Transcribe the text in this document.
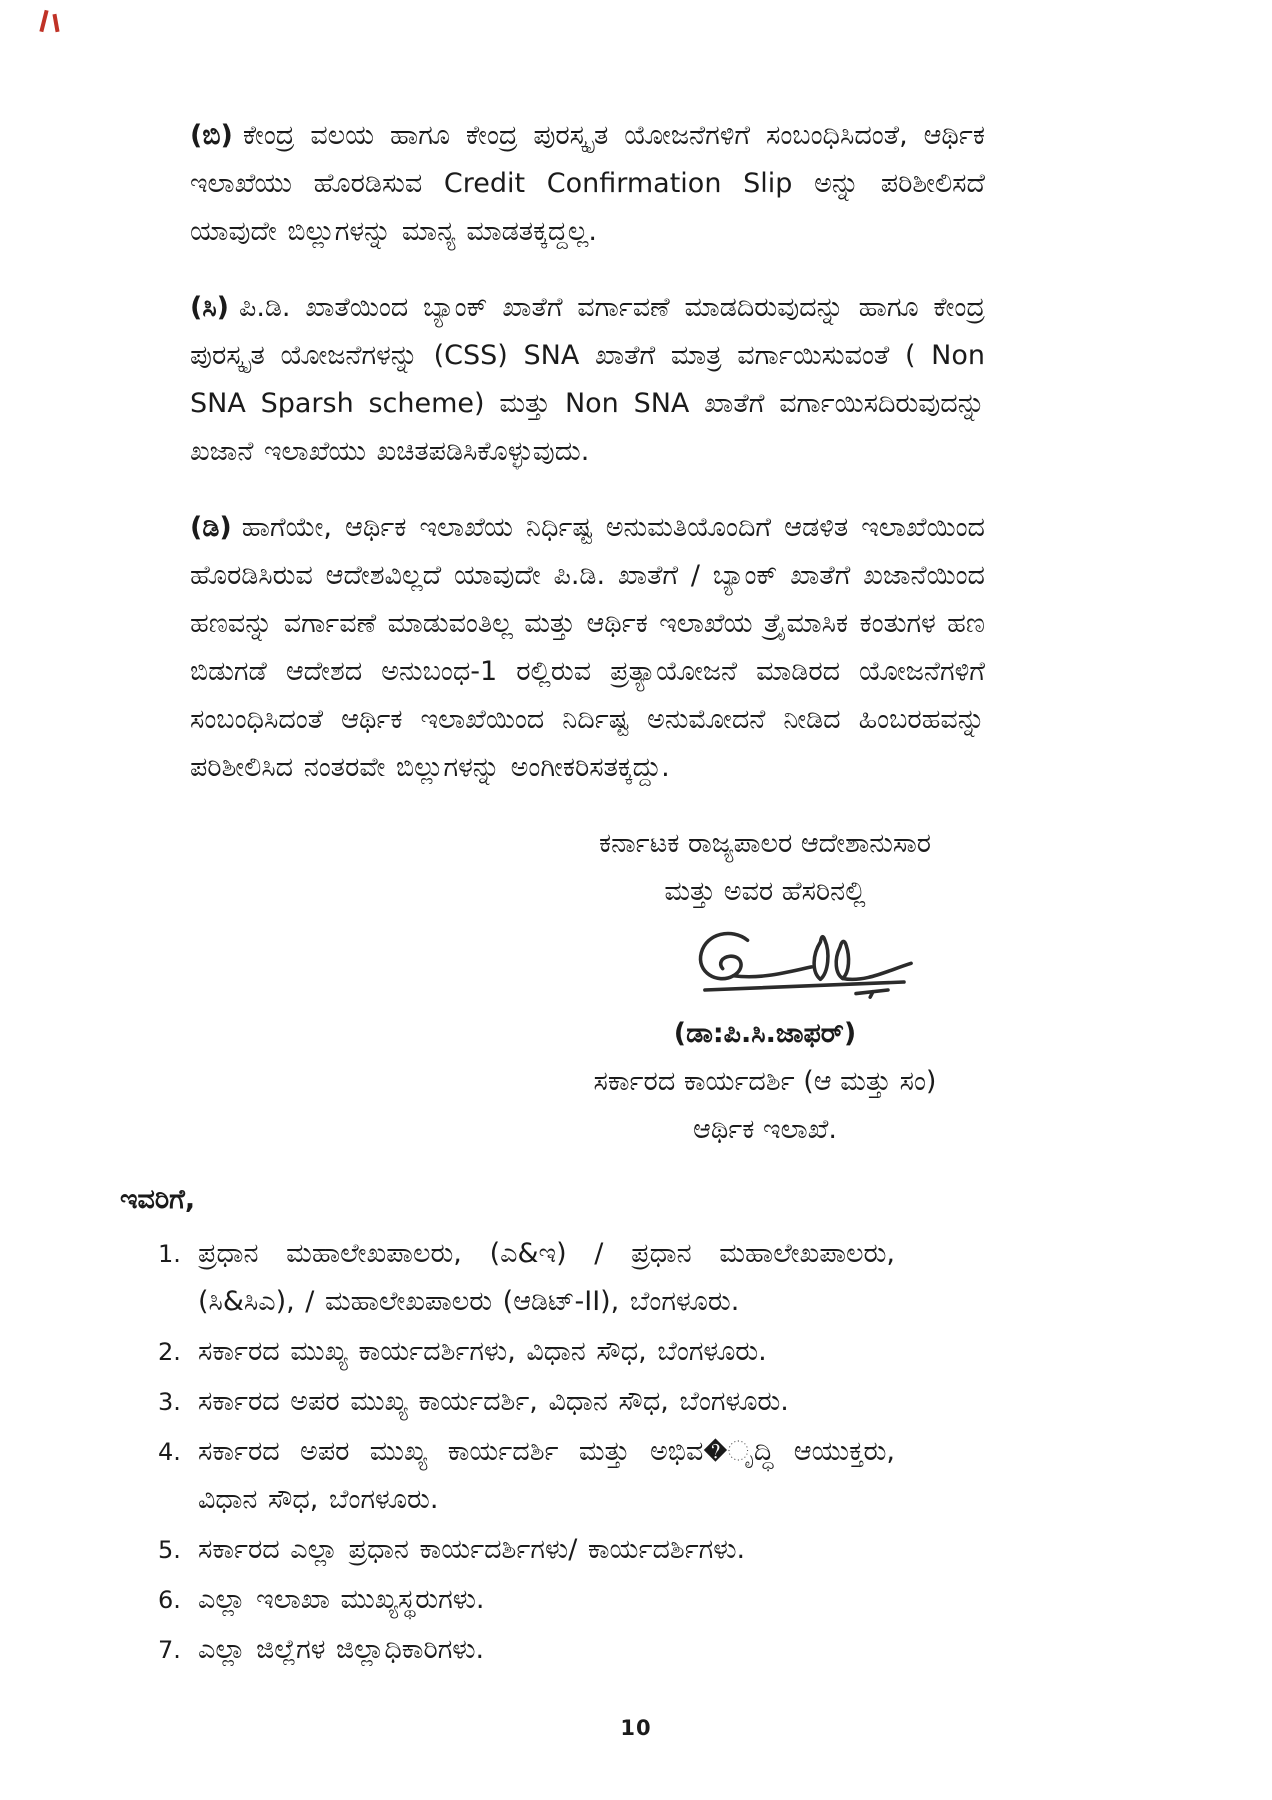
(ಬಿ) ಕೇಂದ್ರ ವಲಯ ಹಾಗೂ ಕೇಂದ್ರ ಪುರಸ್ಕೃತ ಯೋಜನೆಗಳಿಗೆ ಸಂಬಂಧಿಸಿದಂತೆ, ಆರ್ಥಿಕ ಇಲಾಖೆಯು ಹೊರಡಿಸುವ Credit Confirmation Slip ಅನ್ನು ಪರಿಶೀಲಿಸದೆ ಯಾವುದೇ ಬಿಲ್ಲುಗಳನ್ನು ಮಾನ್ಯ ಮಾಡತಕ್ಕದ್ದಲ್ಲ.

(ಸಿ) ಪಿ.ಡಿ. ಖಾತೆಯಿಂದ ಬ್ಯಾಂಕ್ ಖಾತೆಗೆ ವರ್ಗಾವಣೆ ಮಾಡದಿರುವುದನ್ನು ಹಾಗೂ ಕೇಂದ್ರ ಪುರಸ್ಕೃತ ಯೋಜನೆಗಳನ್ನು (CSS) SNA ಖಾತೆಗೆ ಮಾತ್ರ ವರ್ಗಾಯಿಸುವಂತೆ ( Non SNA Sparsh scheme) ಮತ್ತು Non SNA ಖಾತೆಗೆ ವರ್ಗಾಯಿಸದಿರುವುದನ್ನು ಖಜಾನೆ ಇಲಾಖೆಯು ಖಚಿತಪಡಿಸಿಕೊಳ್ಳುವುದು.

(ಡಿ) ಹಾಗೆಯೇ, ಆರ್ಥಿಕ ಇಲಾಖೆಯ ನಿರ್ಧಿಷ್ಟ ಅನುಮತಿಯೊಂದಿಗೆ ಆಡಳಿತ ಇಲಾಖೆಯಿಂದ ಹೊರಡಿಸಿರುವ ಆದೇಶವಿಲ್ಲದೆ ಯಾವುದೇ ಪಿ.ಡಿ. ಖಾತೆಗೆ / ಬ್ಯಾಂಕ್ ಖಾತೆಗೆ ಖಜಾನೆಯಿಂದ ಹಣವನ್ನು ವರ್ಗಾವಣೆ ಮಾಡುವಂತಿಲ್ಲ ಮತ್ತು ಆರ್ಥಿಕ ಇಲಾಖೆಯ ತ್ರೈಮಾಸಿಕ ಕಂತುಗಳ ಹಣ ಬಿಡುಗಡೆ ಆದೇಶದ ಅನುಬಂಧ-1 ರಲ್ಲಿರುವ ಪ್ರತ್ಯಾಯೋಜನೆ ಮಾಡಿರದ ಯೋಜನೆಗಳಿಗೆ ಸಂಬಂಧಿಸಿದಂತೆ ಆರ್ಥಿಕ ಇಲಾಖೆಯಿಂದ ನಿರ್ದಿಷ್ಟ ಅನುಮೋದನೆ ನೀಡಿದ ಹಿಂಬರಹವನ್ನು ಪರಿಶೀಲಿಸಿದ ನಂತರವೇ ಬಿಲ್ಲುಗಳನ್ನು ಅಂಗೀಕರಿಸತಕ್ಕದ್ದು.

ಕರ್ನಾಟಕ ರಾಜ್ಯಪಾಲರ ಆದೇಶಾನುಸಾರ
ಮತ್ತು ಅವರ ಹೆಸರಿನಲ್ಲಿ
(ಡಾ:ಪಿ.ಸಿ.ಜಾಫರ್)
ಸರ್ಕಾರದ ಕಾರ್ಯದರ್ಶಿ (ಆ ಮತ್ತು ಸಂ)
ಆರ್ಥಿಕ ಇಲಾಖೆ.
ಇವರಿಗೆ,
1. ಪ್ರಧಾನ ಮಹಾಲೇಖಪಾಲರು, (ಎ&ಇ) / ಪ್ರಧಾನ ಮಹಾಲೇಖಪಾಲರು, (ಸಿ&ಸಿಎ), / ಮಹಾಲೇಖಪಾಲರು (ಆಡಿಟ್-II), ಬೆಂಗಳೂರು.
2. ಸರ್ಕಾರದ ಮುಖ್ಯ ಕಾರ್ಯದರ್ಶಿಗಳು, ವಿಧಾನ ಸೌಧ, ಬೆಂಗಳೂರು.
3. ಸರ್ಕಾರದ ಅಪರ ಮುಖ್ಯ ಕಾರ್ಯದರ್ಶಿ, ವಿಧಾನ ಸೌಧ, ಬೆಂಗಳೂರು.
4. ಸರ್ಕಾರದ ಅಪರ ಮುಖ್ಯ ಕಾರ್ಯದರ್ಶಿ ಮತ್ತು ಅಭಿವ�ೃದ್ಧಿ ಆಯುಕ್ತರು, ವಿಧಾನ ಸೌಧ, ಬೆಂಗಳೂರು.
5. ಸರ್ಕಾರದ ಎಲ್ಲಾ ಪ್ರಧಾನ ಕಾರ್ಯದರ್ಶಿಗಳು/ ಕಾರ್ಯದರ್ಶಿಗಳು.
6. ಎಲ್ಲಾ ಇಲಾಖಾ ಮುಖ್ಯಸ್ಥರುಗಳು.
7. ಎಲ್ಲಾ ಜಿಲ್ಲೆಗಳ ಜಿಲ್ಲಾಧಿಕಾರಿಗಳು.
10
